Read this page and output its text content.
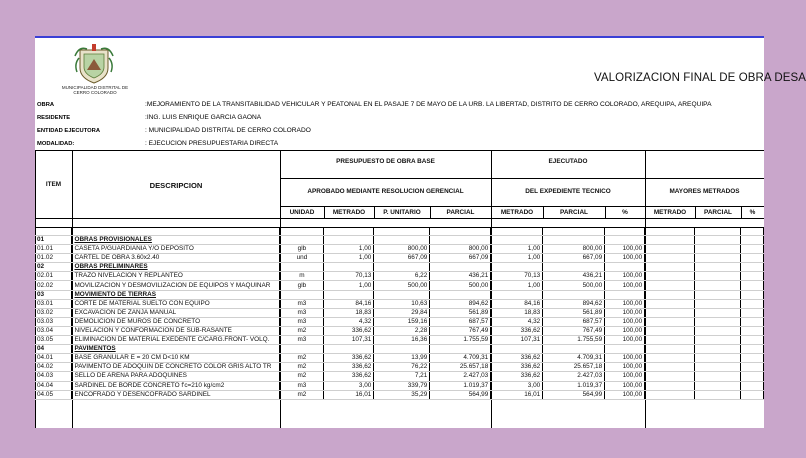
MUNICIPALIDAD DISTRITAL DE
CERRO COLORADO
VALORIZACION FINAL DE OBRA DESA
OBRA	:MEJORAMIENTO DE LA TRANSITABILIDAD VEHICULAR Y PEATONAL EN EL PASAJE 7 DE MAYO DE LA URB. LA LIBERTAD, DISTRITO DE CERRO COLORADO, AREQUIPA, AREQUIPA
RESIDENTE	:ING. LUIS ENRIQUE GARCIA GAONA
ENTIDAD EJECUTORA	: MUNICIPALIDAD DISTRITAL DE CERRO COLORADO
MODALIDAD:	: EJECUCION PRESUPUESTARIA DIRECTA
ITEM	DESCRIPCION
PRESUPUESTO DE OBRA BASE
APROBADO MEDIANTE RESOLUCION GERENCIAL
EJECUTADO
DEL EXPEDIENTE TECNICO	MAYORES METRADOS
UNIDAD	METRADO	P. UNITARIO	PARCIAL	METRADO	PARCIAL	%	METRADO	PARCIAL	%

01	OBRAS PROVISIONALES										
01.01	CASETA P/GUARDIANIA Y/O DEPOSITO	glb	1,00	800,00	800,00	1,00	800,00	100,00			
01.02	CARTEL DE OBRA 3.60x2.40	und	1,00	667,09	667,09	1,00	667,09	100,00			
02	OBRAS PRELIMINARES										
02.01	TRAZO NIVELACION Y REPLANTEO	m	70,13	6,22	436,21	70,13	436,21	100,00			
02.02	MOVILIZACION Y DESMOVILIZACION DE EQUIPOS Y MAQUINAR	glb	1,00	500,00	500,00	1,00	500,00	100,00			
03	MOVIMIENTO DE TIERRAS										
03.01	CORTE DE MATERIAL SUELTO CON EQUIPO	m3	84,16	10,63	894,62	84,16	894,62	100,00			
03.02	EXCAVACION DE ZANJA MANUAL	m3	18,83	29,84	561,89	18,83	561,89	100,00			
03.03	DEMOLICION DE MUROS DE CONCRETO	m3	4,32	159,16	687,57	4,32	687,57	100,00			
03.04	NIVELACION Y CONFORMACION DE SUB-RASANTE	m2	336,62	2,28	767,49	336,62	767,49	100,00			
03.05	ELIMINACION DE MATERIAL EXEDENTE C/CARG.FRONT- VOLQ.	m3	107,31	16,36	1.755,59	107,31	1.755,59	100,00			
04	PAVIMENTOS										
04.01	BASE GRANULAR E = 20 CM D<10 KM	m2	336,62	13,99	4.709,31	336,62	4.709,31	100,00			
04.02	PAVIMENTO DE ADOQUIN DE CONCRETO COLOR GRIS ALTO TR	m2	336,62	76,22	25.657,18	336,62	25.657,18	100,00			
04.03	SELLO DE ARENA PARA ADOQUINES	m2	336,62	7,21	2.427,03	336,62	2.427,03	100,00			
04.04	SARDINEL DE BORDE CONCRETO f'c=210 kg/cm2	m3	3,00	339,79	1.019,37	3,00	1.019,37	100,00			
04.05	ENCOFRADO Y DESENCOFRADO SARDINEL	m2	16,01	35,29	564,99	16,01	564,99	100,00			
